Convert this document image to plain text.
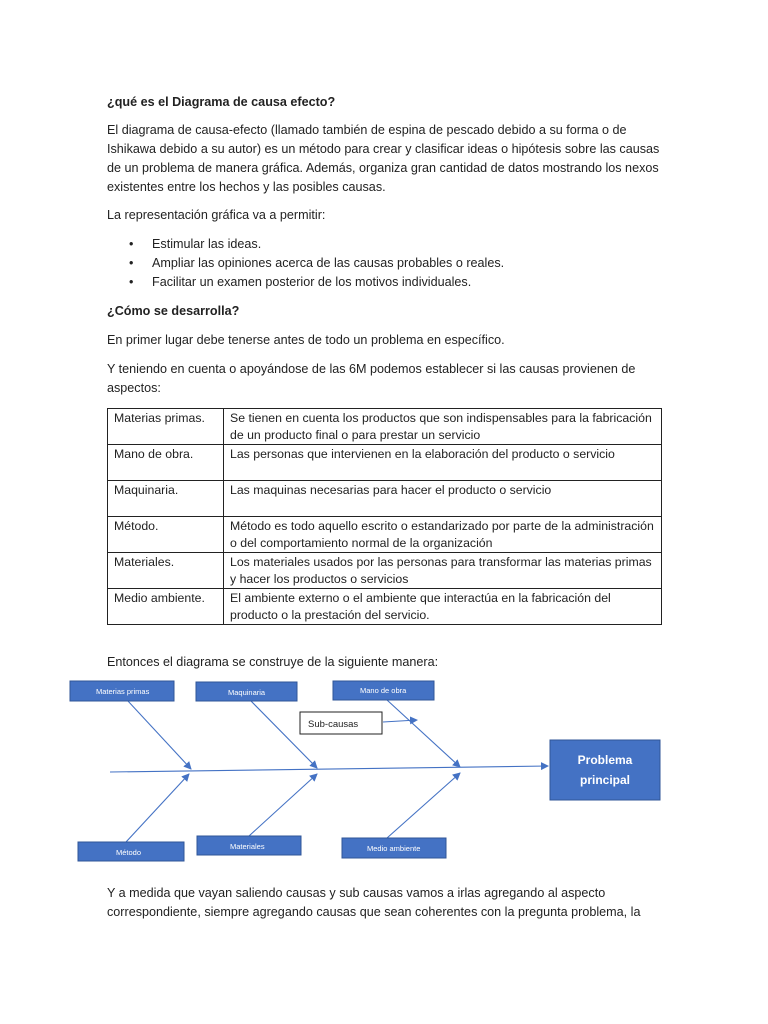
¿qué es el Diagrama de causa efecto?

El diagrama de causa-efecto (llamado también de espina de pescado debido a su forma o de Ishikawa debido a su autor) es un método para crear y clasificar ideas o hipótesis sobre las causas de un problema de manera gráfica. Además, organiza gran cantidad de datos mostrando los nexos existentes entre los hechos y las posibles causas.

La representación gráfica va a permitir:

• Estimular las ideas.
• Ampliar las opiniones acerca de las causas probables o reales.
• Facilitar un examen posterior de los motivos individuales.

¿Cómo se desarrolla?

En primer lugar debe tenerse antes de todo un problema en específico.

Y teniendo en cuenta o apoyándose de las 6M podemos establecer si las causas provienen de aspectos:

Materias primas.	Se tienen en cuenta los productos que son indispensables para la fabricación de un producto final o para prestar un servicio
Mano de obra.	Las personas que intervienen en la elaboración del producto o servicio
Maquinaria.	Las maquinas necesarias para hacer el producto o servicio
Método.	Método es todo aquello escrito o estandarizado por parte de la administración o del comportamiento normal de la organización
Materiales.	Los materiales usados por las personas para transformar las materias primas y hacer los productos o servicios
Medio ambiente.	El ambiente externo o el ambiente que interactúa en la fabricación del producto o la prestación del servicio.

Entonces el diagrama se construye de la siguiente manera:

Y a medida que vayan saliendo causas y sub causas vamos a irlas agregando al aspecto correspondiente, siempre agregando causas que sean coherentes con la pregunta problema, la

Materias primas	Maquinaria	Mano de obra
Método
Materiales	Medio ambiente
Sub-causas
Problema
principal
